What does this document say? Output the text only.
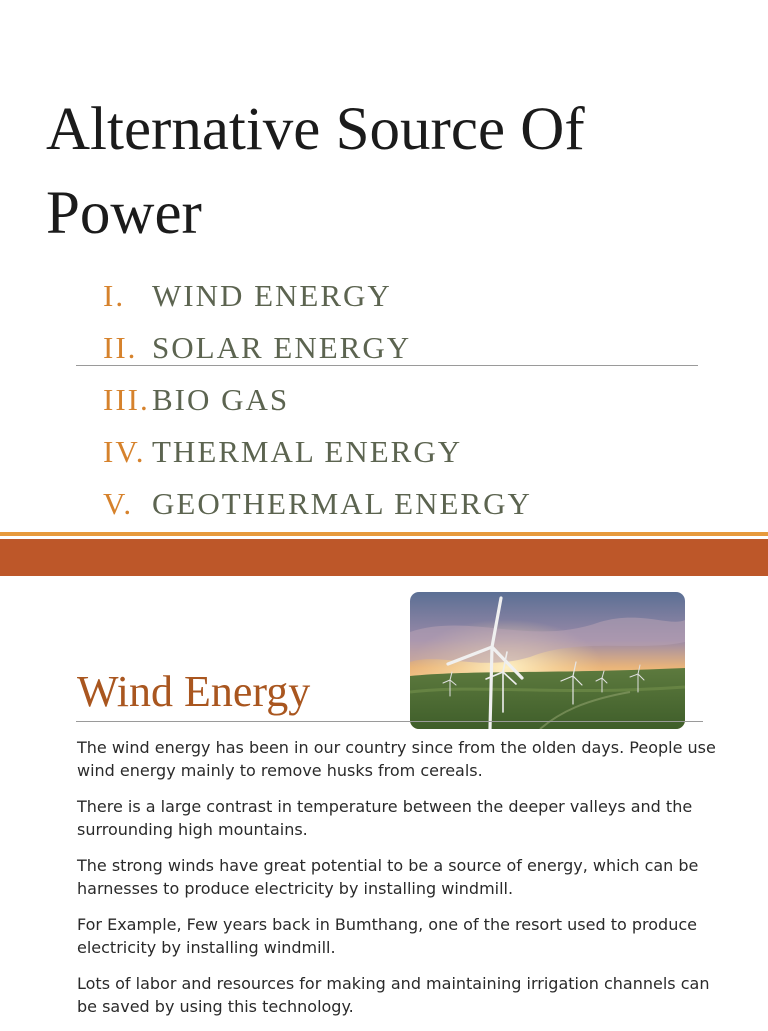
Alternative Source Of Power
I. WIND ENERGY
II. SOLAR ENERGY
III. BIO GAS
IV. THERMAL ENERGY
V. GEOTHERMAL ENERGY
Wind Energy

The wind energy has been in our country since from the olden days. People use wind energy mainly to remove husks from cereals.

There is a large contrast in temperature between the deeper valleys and the surrounding high mountains.

The strong winds have great potential to be a source of energy, which can be harnesses to produce electricity by installing windmill.

For Example, Few years back in Bumthang, one of the resort used to produce electricity by installing windmill.

Lots of labor and resources for making and maintaining irrigation channels can be saved by using this technology.
